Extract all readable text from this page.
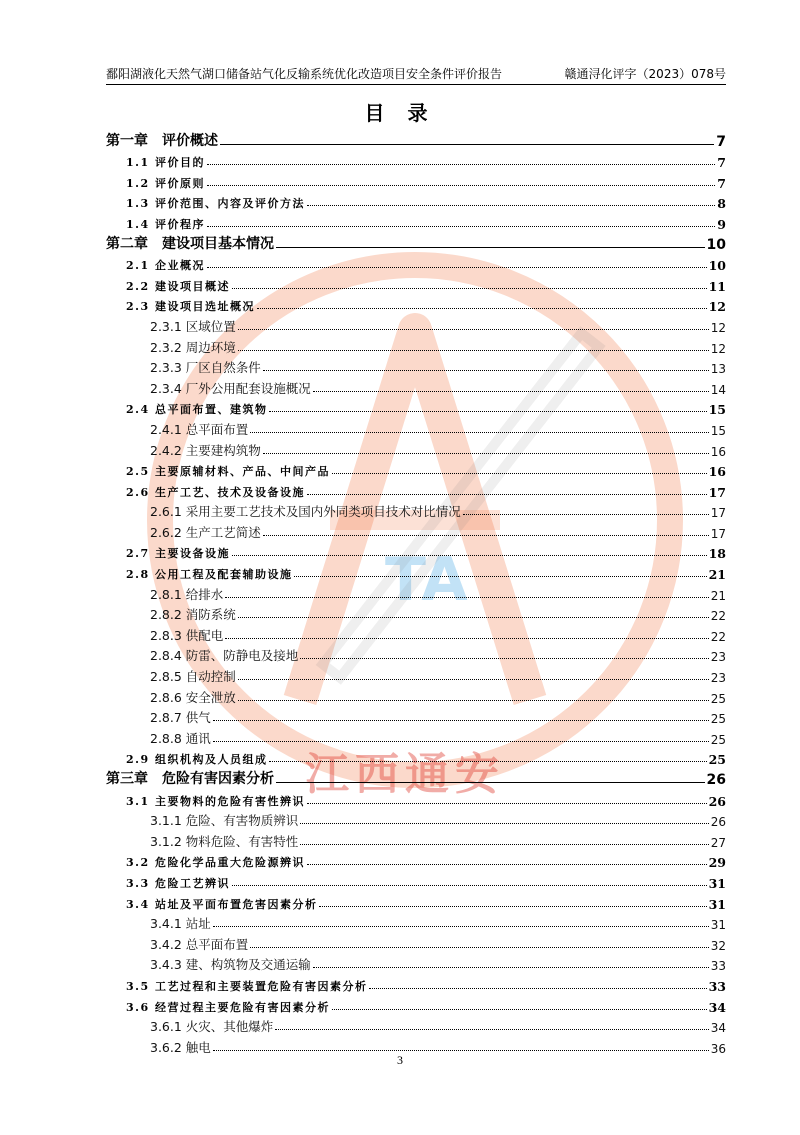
TA
江西通安
鄱阳湖液化天然气湖口储备站气化反输系统优化改造项目安全条件评价报告	赣通浔化评字（2023）078号
目 录
第一章　评价概述	7
1.1 评价目的	7
1.2 评价原则	7
1.3 评价范围、内容及评价方法	8
1.4 评价程序	9
第二章　建设项目基本情况	10
2.1 企业概况	10
2.2 建设项目概述	11
2.3 建设项目选址概况	12
2.3.1 区域位置	12
2.3.2 周边环境	12
2.3.3 厂区自然条件	13
2.3.4 厂外公用配套设施概况	14
2.4 总平面布置、建筑物	15
2.4.1 总平面布置	15
2.4.2 主要建构筑物	16
2.5 主要原辅材料、产品、中间产品	16
2.6 生产工艺、技术及设备设施	17
2.6.1 采用主要工艺技术及国内外同类项目技术对比情况	17
2.6.2 生产工艺简述	17
2.7 主要设备设施	18
2.8 公用工程及配套辅助设施	21
2.8.1 给排水	21
2.8.2 消防系统	22
2.8.3 供配电	22
2.8.4 防雷、防静电及接地	23
2.8.5 自动控制	23
2.8.6 安全泄放	25
2.8.7 供气	25
2.8.8 通讯	25
2.9 组织机构及人员组成	25
第三章　危险有害因素分析	26
3.1 主要物料的危险有害性辨识	26
3.1.1 危险、有害物质辨识	26
3.1.2 物料危险、有害特性	27
3.2 危险化学品重大危险源辨识	29
3.3 危险工艺辨识	31
3.4 站址及平面布置危害因素分析	31
3.4.1 站址	31
3.4.2 总平面布置	32
3.4.3 建、构筑物及交通运输	33
3.5 工艺过程和主要装置危险有害因素分析	33
3.6 经营过程主要危险有害因素分析	34
3.6.1 火灾、其他爆炸	34
3.6.2 触电	36
3
